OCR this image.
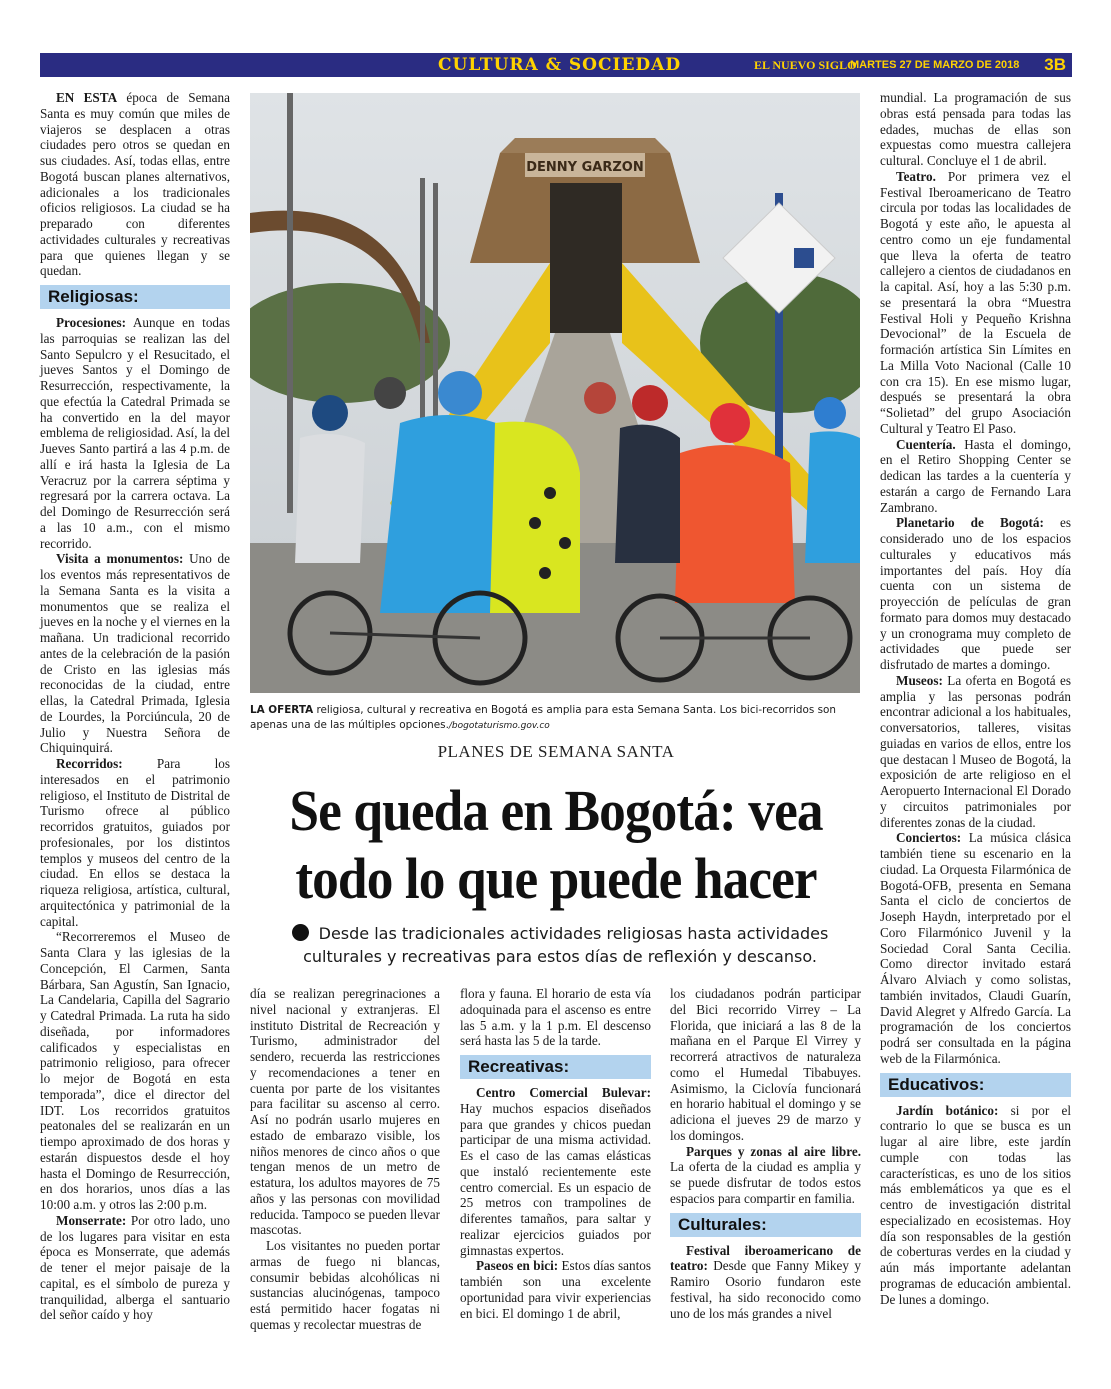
CULTURA & SOCIEDAD	EL NUEVO SIGLO
MARTES 27 DE MARZO DE 2018 3B

EN ESTA época de Semana Santa es muy común que miles de viajeros se desplacen a otras ciudades pero otros se quedan en sus ciudades. Así, todas ellas, entre Bogotá buscan planes alternativos, adicionales a los tradicionales oficios religiosos. La ciudad se ha preparado con diferentes actividades culturales y recreativas para que quienes llegan y se quedan.

Religiosas:

Procesiones: Aunque en todas las parroquias se realizan las del Santo Sepulcro y el Resucitado, el jueves Santos y el Domingo de Resurrección, respectivamente, la que efectúa la Catedral Primada se ha convertido en la del mayor emblema de religiosidad. Así, la del Jueves Santo partirá a las 4 p.m. de allí e irá hasta la Iglesia de La Veracruz por la carrera séptima y regresará por la carrera octava. La del Domingo de Resurrección será a las 10 a.m., con el mismo recorrido.

Visita a monumentos: Uno de los eventos más representativos de la Semana Santa es la visita a monumentos que se realiza el jueves en la noche y el viernes en la mañana. Un tradicional recorrido antes de la celebración de la pasión de Cristo en las iglesias más reconocidas de la ciudad, entre ellas, la Catedral Primada, Iglesia de Lourdes, la Porciúncula, 20 de Julio y Nuestra Señora de Chiquinquirá.

Recorridos: Para los interesados en el patrimonio religioso, el Instituto de Distrital de Turismo ofrece al público recorridos gratuitos, guiados por profesionales, por los distintos templos y museos del centro de la ciudad. En ellos se destaca la riqueza religiosa, artística, cultural, arquitectónica y patrimonial de la capital.

“Recorreremos el Museo de Santa Clara y las iglesias de la Concepción, El Carmen, Santa Bárbara, San Agustín, San Ignacio, La Candelaria, Capilla del Sagrario y Catedral Primada. La ruta ha sido diseñada, por informadores calificados y especialistas en patrimonio religioso, para ofrecer lo mejor de Bogotá en esta temporada”, dice el director del IDT. Los recorridos gratuitos peatonales del se realizarán en un tiempo aproximado de dos horas y estarán dispuestos desde el hoy hasta el Domingo de Resurrección, en dos horarios, unos días a las 10:00 a.m. y otros las 2:00 p.m.

Monserrate: Por otro lado, uno de los lugares para visitar en esta época es Monserrate, que además de tener el mejor paisaje de la capital, es el símbolo de pureza y tranquilidad, alberga el santuario del señor caído y hoy

DENNY GARZON
LA OFERTA religiosa, cultural y recreativa en Bogotá es amplia para esta Semana Santa. Los bici-recorridos son apenas una de las múltiples opciones./bogotaturismo.gov.co
PLANES DE SEMANA SANTA
Se queda en Bogotá: vea
todo lo que puede hacer
Desde las tradicionales actividades religiosas hasta actividades culturales y recreativas para estos días de reflexión y descanso.

día se realizan peregrinaciones a nivel nacional y extranjeras. El instituto Distrital de Recreación y Turismo, administrador del sendero, recuerda las restricciones y recomendaciones a tener en cuenta por parte de los visitantes para facilitar su ascenso al cerro. Así no podrán usarlo mujeres en estado de embarazo visible, los niños menores de cinco años o que tengan menos de un metro de estatura, los adultos mayores de 75 años y las personas con movilidad reducida. Tampoco se pueden llevar mascotas.

Los visitantes no pueden portar armas de fuego ni blancas, consumir bebidas alcohólicas ni sustancias alucinógenas, tampoco está permitido hacer fogatas ni quemas y recolectar muestras de

flora y fauna. El horario de esta vía adoquinada para el ascenso es entre las 5 a.m. y la 1 p.m. El descenso será hasta las 5 de la tarde.

Recreativas:

Centro Comercial Bulevar: Hay muchos espacios diseñados para que grandes y chicos puedan participar de una misma actividad. Es el caso de las camas elásticas que instaló recientemente este centro comercial. Es un espacio de 25 metros con trampolines de diferentes tamaños, para saltar y realizar ejercicios guiados por gimnastas expertos.

Paseos en bici: Estos días santos también son una excelente oportunidad para vivir experiencias en bici. El domingo 1 de abril,

los ciudadanos podrán participar del Bici recorrido Virrey – La Florida, que iniciará a las 8 de la mañana en el Parque El Virrey y recorrerá atractivos de naturaleza como el Humedal Tibabuyes. Asimismo, la Ciclovía funcionará en horario habitual el domingo y se adiciona el jueves 29 de marzo y los domingos.

Parques y zonas al aire libre. La oferta de la ciudad es amplia y se puede disfrutar de todos estos espacios para compartir en familia.

Culturales:

Festival iberoamericano de teatro: Desde que Fanny Mikey y Ramiro Osorio fundaron este festival, ha sido reconocido como uno de los más grandes a nivel

mundial. La programación de sus obras está pensada para todas las edades, muchas de ellas son expuestas como muestra callejera cultural. Concluye el 1 de abril.

Teatro. Por primera vez el Festival Iberoamericano de Teatro circula por todas las localidades de Bogotá y este año, le apuesta al centro como un eje fundamental que lleva la oferta de teatro callejero a cientos de ciudadanos en la capital. Así, hoy a las 5:30 p.m. se presentará la obra “Muestra Festival Holi y Pequeño Krishna Devocional” de la Escuela de formación artística Sin Límites en La Milla Voto Nacional (Calle 10 con cra 15). En ese mismo lugar, después se presentará la obra “Solietad” del grupo Asociación Cultural y Teatro El Paso.

Cuentería. Hasta el domingo, en el Retiro Shopping Center se dedican las tardes a la cuentería y estarán a cargo de Fernando Lara Zambrano.

Planetario de Bogotá: es considerado uno de los espacios culturales y educativos más importantes del país. Hoy día cuenta con un sistema de proyección de películas de gran formato para domos muy destacado y un cronograma muy completo de actividades que puede ser disfrutado de martes a domingo.

Museos: La oferta en Bogotá es amplia y las personas podrán encontrar adicional a los habituales, conversatorios, talleres, visitas guiadas en varios de ellos, entre los que destacan l Museo de Bogotá, la exposición de arte religioso en el Aeropuerto Internacional El Dorado y circuitos patrimoniales por diferentes zonas de la ciudad.

Conciertos: La música clásica también tiene su escenario en la ciudad. La Orquesta Filarmónica de Bogotá-OFB, presenta en Semana Santa el ciclo de conciertos de Joseph Haydn, interpretado por el Coro Filarmónico Juvenil y la Sociedad Coral Santa Cecilia. Como director invitado estará Álvaro Alviach y como solistas, también invitados, Claudi Guarín, David Alegret y Alfredo García. La programación de los conciertos podrá ser consultada en la página web de la Filarmónica.

Educativos:

Jardín botánico: si por el contrario lo que se busca es un lugar al aire libre, este jardín cumple con todas las características, es uno de los sitios más emblemáticos ya que es el centro de investigación distrital especializado en ecosistemas. Hoy día son responsables de la gestión de coberturas verdes en la ciudad y aún más importante adelantan programas de educación ambiental. De lunes a domingo.
